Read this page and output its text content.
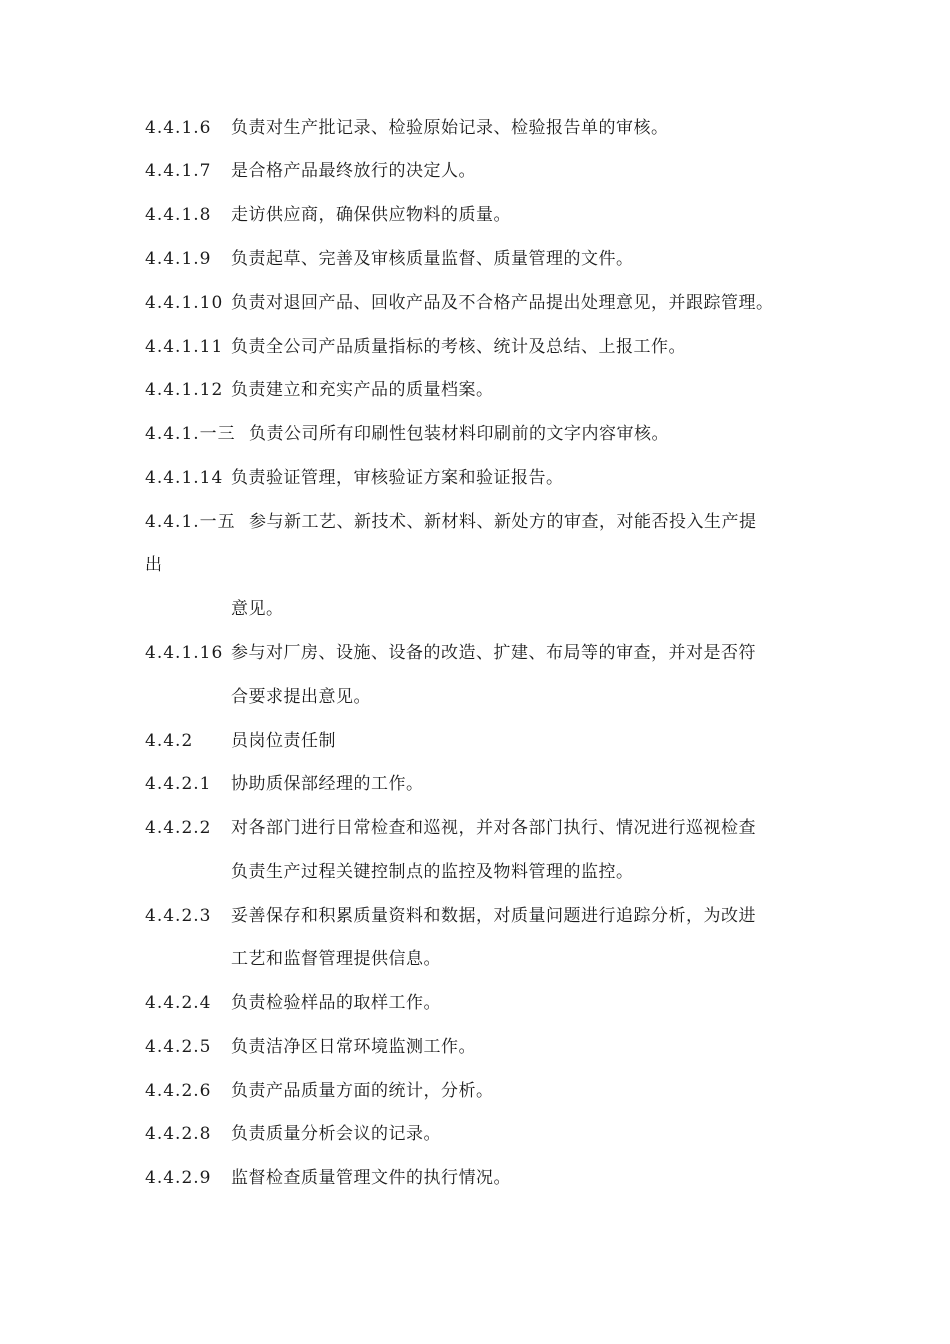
4.4.1.6 负责对生产批记录、检验原始记录、检验报告单的审核。
4.4.1.7 是合格产品最终放行的决定人。
4.4.1.8 走访供应商，确保供应物料的质量。
4.4.1.9 负责起草、完善及审核质量监督、质量管理的文件。
4.4.1.10 负责对退回产品、回收产品及不合格产品提出处理意见，并跟踪管理。
4.4.1.11 负责全公司产品质量指标的考核、统计及总结、上报工作。
4.4.1.12 负责建立和充实产品的质量档案。
4.4.1.一三 负责公司所有印刷性包装材料印刷前的文字内容审核。
4.4.1.14 负责验证管理，审核验证方案和验证报告。
4.4.1.一五 参与新工艺、新技术、新材料、新处方的审查，对能否投入生产提
出
意见。
4.4.1.16 参与对厂房、设施、设备的改造、扩建、布局等的审查，并对是否符
合要求提出意见。
4.4.2 员岗位责任制
4.4.2.1 协助质保部经理的工作。
4.4.2.2 对各部门进行日常检查和巡视，并对各部门执行、情况进行巡视检查
负责生产过程关键控制点的监控及物料管理的监控。
4.4.2.3 妥善保存和积累质量资料和数据，对质量问题进行追踪分析，为改进
工艺和监督管理提供信息。
4.4.2.4 负责检验样品的取样工作。
4.4.2.5 负责洁净区日常环境监测工作。
4.4.2.6 负责产品质量方面的统计，分析。
4.4.2.8 负责质量分析会议的记录。
4.4.2.9 监督检查质量管理文件的执行情况。
